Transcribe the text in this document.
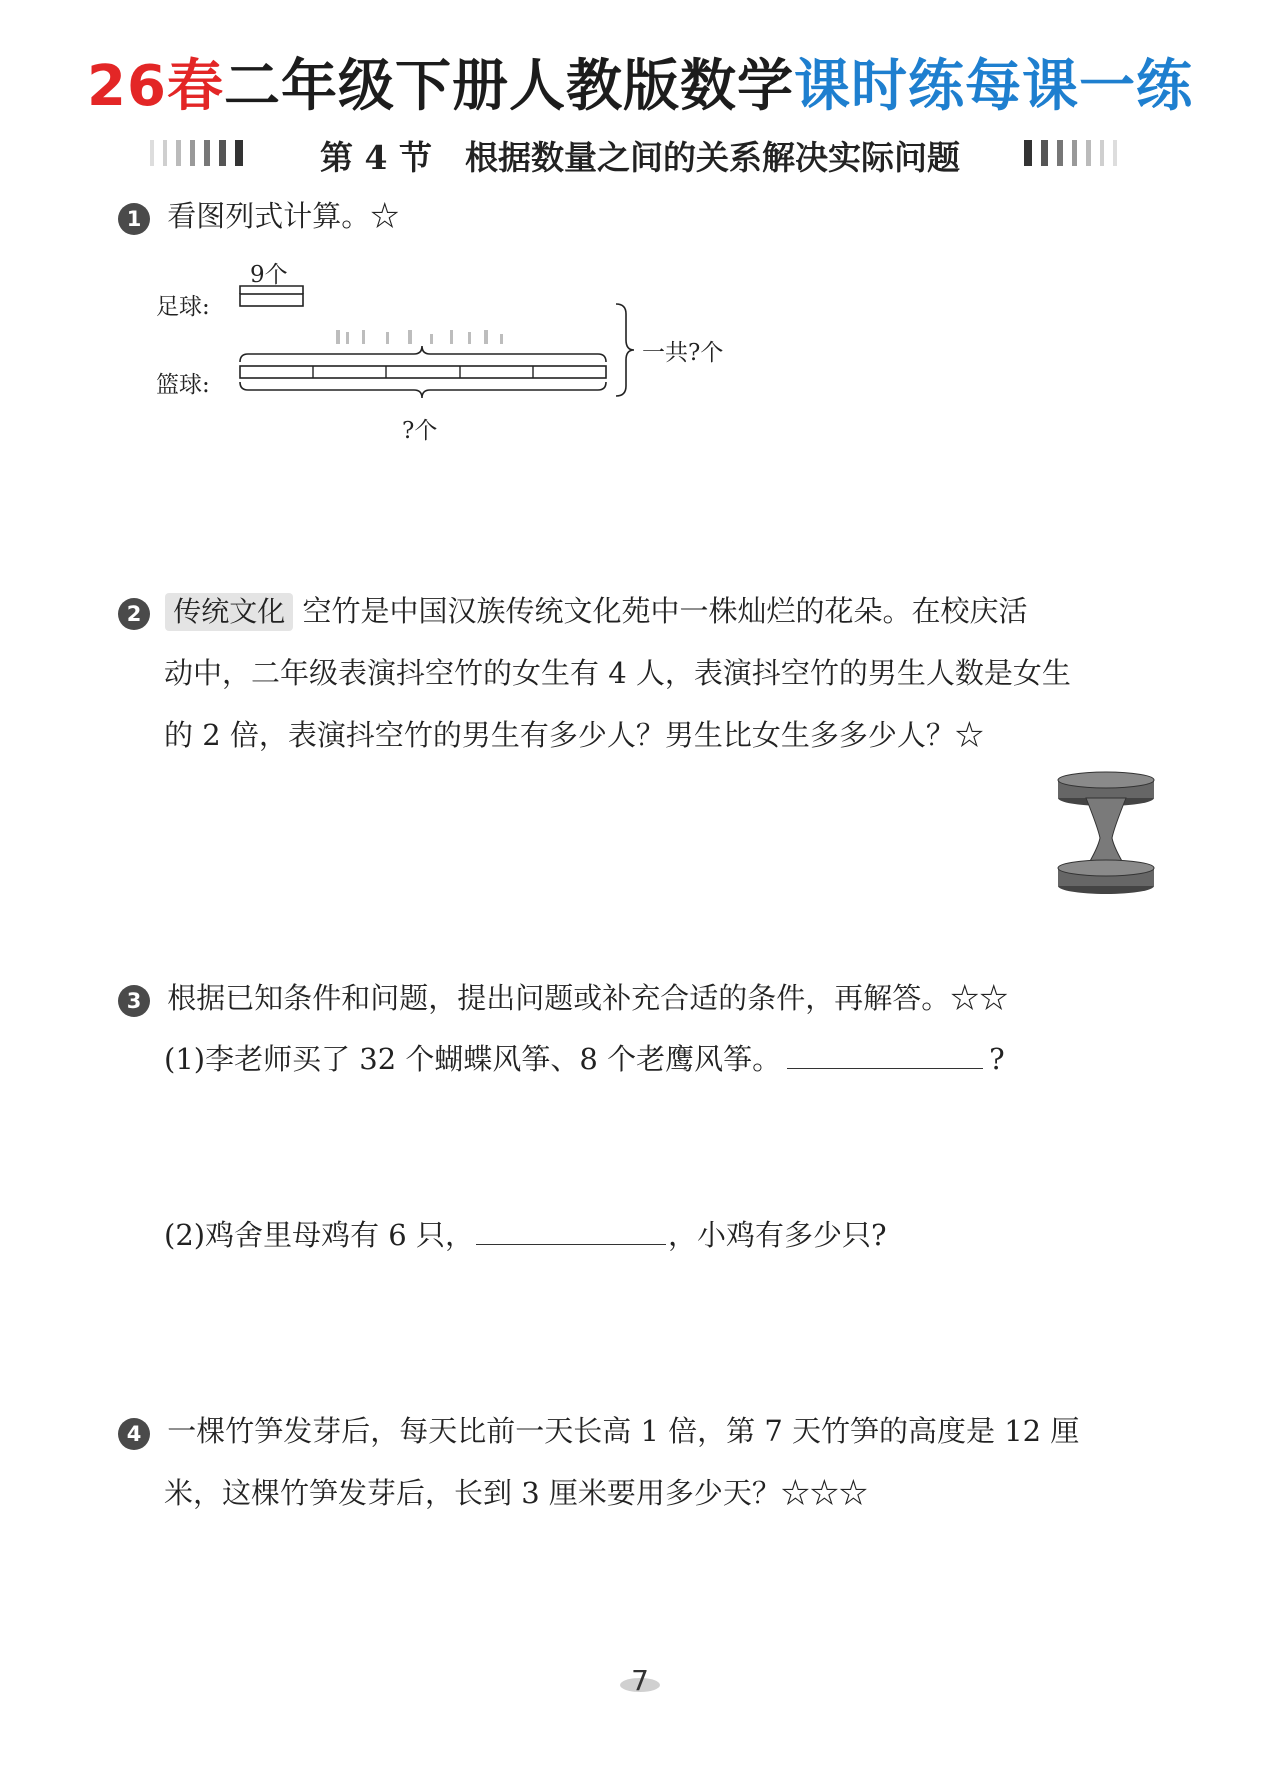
26春二年级下册人教版数学课时练每课一练
第 4 节　根据数量之间的关系解决实际问题
1 看图列式计算。☆
9个
足球:
篮球:
一共?个
?个
2 传统文化 空竹是中国汉族传统文化苑中一株灿烂的花朵。在校庆活
动中，二年级表演抖空竹的女生有 4 人，表演抖空竹的男生人数是女生
的 2 倍，表演抖空竹的男生有多少人？男生比女生多多少人？☆
3 根据已知条件和问题，提出问题或补充合适的条件，再解答。☆☆
(1)李老师买了 32 个蝴蝶风筝、8 个老鹰风筝。	?
(2)鸡舍里母鸡有 6 只，	，小鸡有多少只?
4 一棵竹笋发芽后，每天比前一天长高 1 倍，第 7 天竹笋的高度是 12 厘
米，这棵竹笋发芽后，长到 3 厘米要用多少天？☆☆☆
7
